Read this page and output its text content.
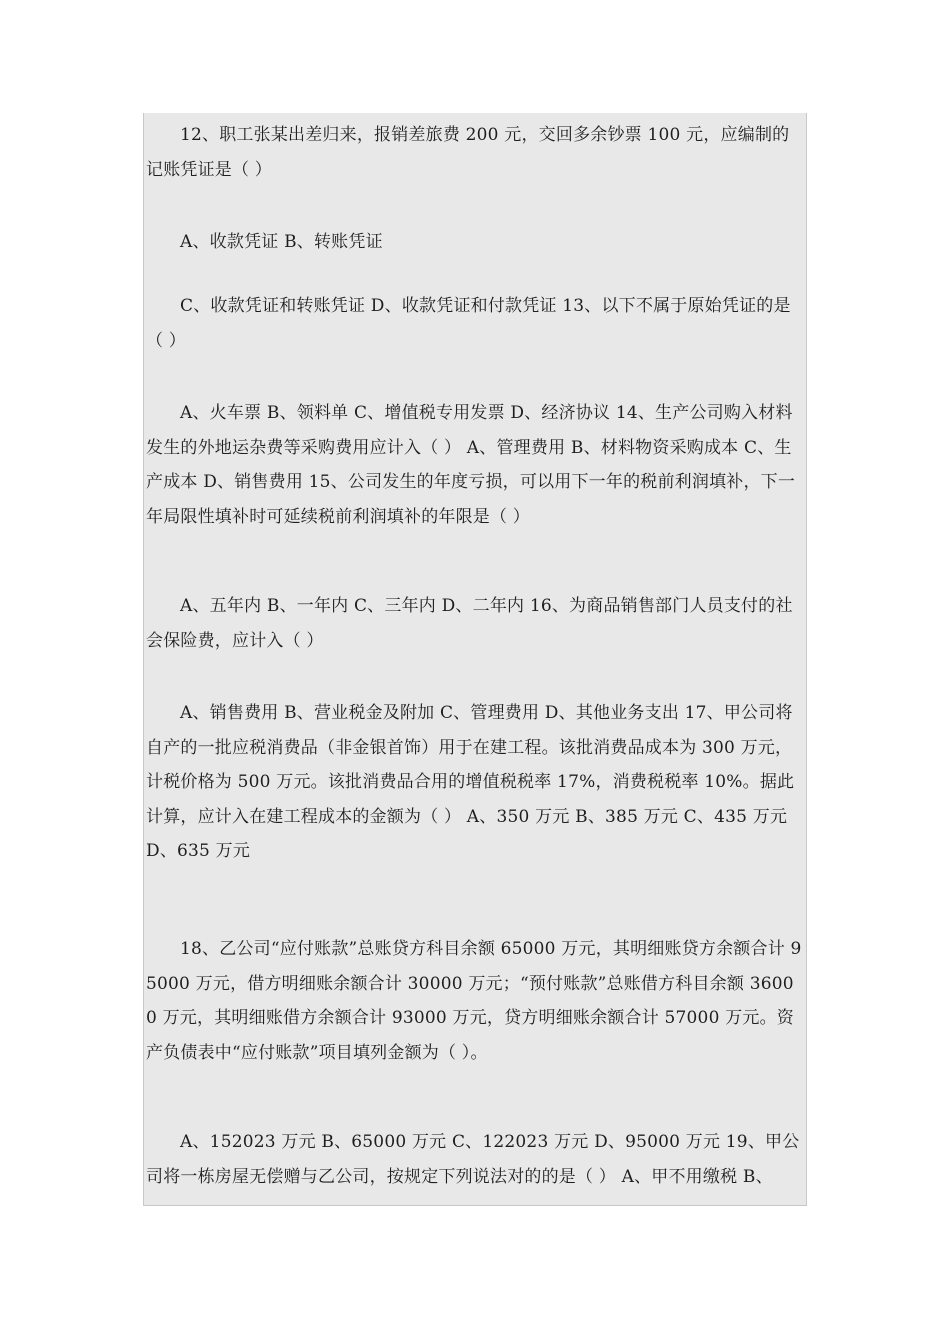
12、职工张某出差归来，报销差旅费 200 元，交回多余钞票 100 元，应编制的记账凭证是（ ）

A、收款凭证 B、转账凭证

C、收款凭证和转账凭证 D、收款凭证和付款凭证 13、以下不属于原始凭证的是（ ）

A、火车票 B、领料单 C、增值税专用发票 D、经济协议 14、生产公司购入材料发生的外地运杂费等采购费用应计入（ ） A、管理费用 B、材料物资采购成本 C、生产成本 D、销售费用 15、公司发生的年度亏损，可以用下一年的税前利润填补，下一年局限性填补时可延续税前利润填补的年限是（ ）

A、五年内 B、一年内 C、三年内 D、二年内 16、为商品销售部门人员支付的社会保险费，应计入（ ）

A、销售费用 B、营业税金及附加 C、管理费用 D、其他业务支出 17、甲公司将自产的一批应税消费品（非金银首饰）用于在建工程。该批消费品成本为 300 万元，计税价格为 500 万元。该批消费品合用的增值税税率 17%，消费税税率 10%。据此计算，应计入在建工程成本的金额为（ ） A、350 万元 B、385 万元 C、435 万元 D、635 万元

18、乙公司“应付账款”总账贷方科目余额 65000 万元，其明细账贷方余额合计 95000 万元，借方明细账余额合计 30000 万元；“预付账款”总账借方科目余额 36000 万元，其明细账借方余额合计 93000 万元，贷方明细账余额合计 57000 万元。资产负债表中“应付账款”项目填列金额为（ ）。

A、152023 万元 B、65000 万元 C、122023 万元 D、95000 万元 19、甲公司将一栋房屋无偿赠与乙公司，按规定下列说法对的的是（ ） A、甲不用缴税 B、
